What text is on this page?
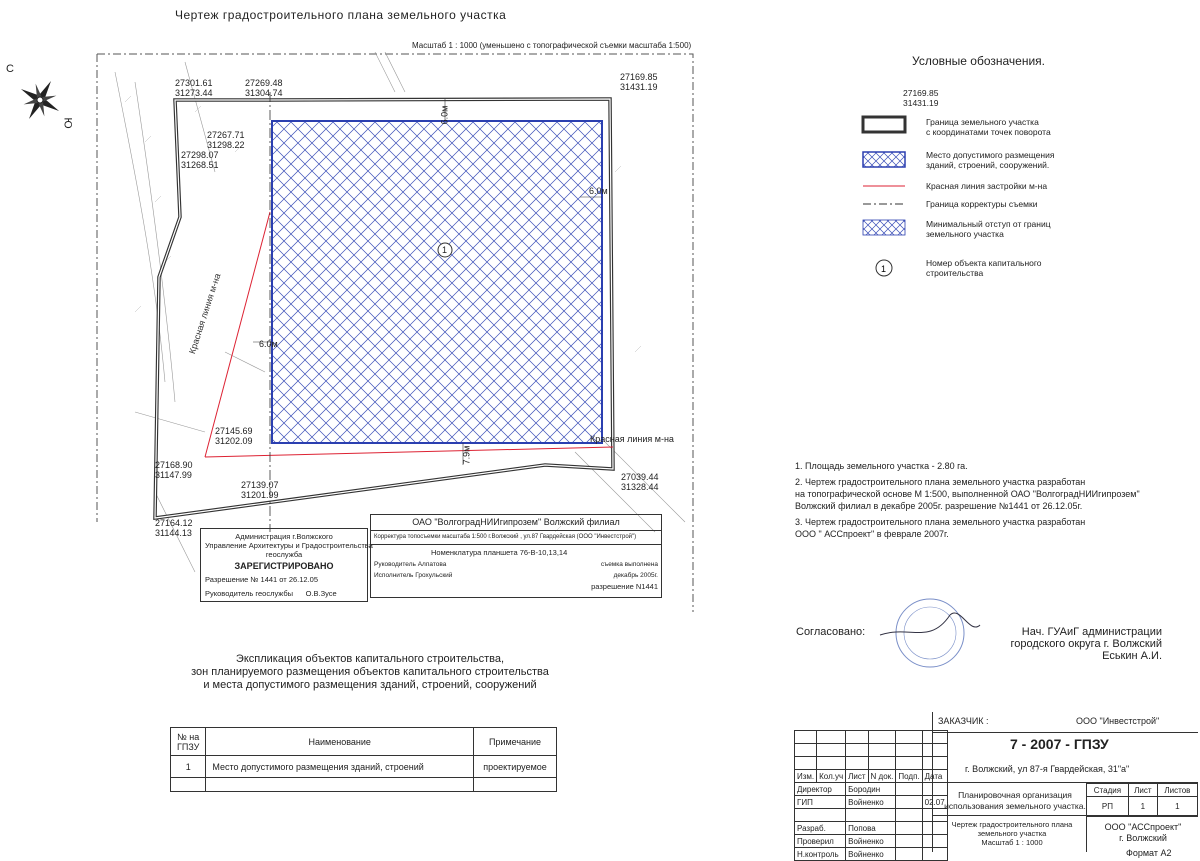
Чертеж градостроительного плана земельного участка
Масштаб 1 : 1000 (уменьшено с топографической съемки масштаба 1:500)
С
Ю
27301.61
31273.44
27269.48
31304.74
27169.85
31431.19
27267.71
31298.22
27298.07
31268.51
27145.69
31202.09
27168.90
31147.99
27139.07
31201.99
27039.44
31328.44
27164.12
31144.13
6.0м
6.0м
6.0м
7.9м
Красная линия м-на
Красная линия м-на
1
Администрация г.Волжского
Управление Архитектуры и Градостроительства
геослужба
ЗАРЕГИСТРИРОВАНО
Разрешение № 1441 от 26.12.05
Руководитель геослужбы О.В.Зусе
ОАО "ВолгоградНИИгипрозем" Волжский филиал
Корректура топосъемки масштаба 1:500 г.Волжский , ул.87 Гвардейская (ООО "Инвестстрой")
Номенклатура планшета 76-В-10,13,14
Руководитель Алпатова	съемка выполнена
Исполнитель Грохульский	декабрь 2005г.
разрешение N1441
Условные обозначения.
27169.85
31431.19
1
Граница земельного участка
с координатами точек поворота
Место допустимого размещения
зданий, строений, сооружений.
Красная линия застройки м-на
Граница корректуры съемки
Минимальный отступ от границ
земельного участка
Номер объекта капитального
строительства
1. Площадь земельного участка - 2.80 га.
2. Чертеж градостроительного плана земельного участка разработан
на топографической основе М 1:500, выполненной ОАО "ВолгоградНИИгипрозем"
Волжский филиал в декабре 2005г. разрешение №1441 от 26.12.05г.
3. Чертеж градостроительного плана земельного участка разработан
ООО " АССпроект" в феврале 2007г.
Согласовано:	Нач. ГУАиГ администрации
городского округа г. Волжский
Еськин А.И.
Экспликация объектов капитального строительства,
зон планируемого размещения объектов капитального строительства
и места допустимого размещения зданий, строений, сооружений
№ на
ГПЗУ	Наименование	Примечание
1	Место допустимого размещения зданий, строений	проектируемое

ЗАКАЗЧИК :	ООО "Инвестстрой"
7 - 2007 - ГПЗУ
г. Волжский, ул 87-я Гвардейская, 31"а"

Изм.	Кол.уч	Лист	N док.	Подп.	Дата
Директор		Бородин			
ГИП		Войненко			02.07

Разраб.		Попова			
Проверил		Войненко			
Н.контроль		Войненко			
Планировочная организация
использования земельного участка.
Стадия	Лист	Листов
РП	1	1
Чертеж градостроительного плана
земельного участка
Масштаб 1 : 1000
ООО "АССпроект"
г. Волжский
Формат А2
